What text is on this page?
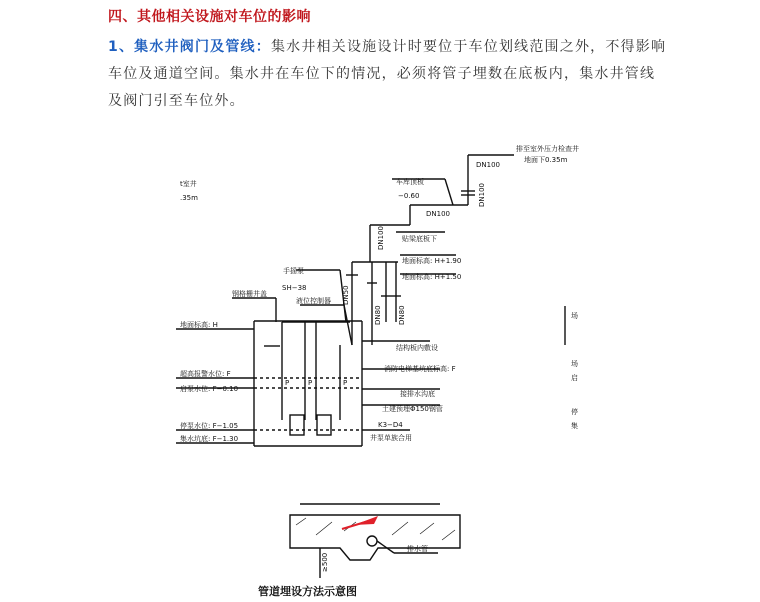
四、其他相关设施对车位的影响

1、集水井阀门及管线：集水井相关设施设计时要位于车位划线范围之外，不得影响车位及通道空间。集水井在车位下的情况，必须将管子埋数在底板内，集水井管线及阀门引至车位外。

排至室外压力检查井
地面下0.35m
t室井
.35m
DN100
DN100
车库顶板
−0.60
DN100
DN100 贴梁底板下
地面标高: H+1.90
地面标高: H+1.50
手摇泵
SH−38
钢格栅井盖
液位控制器
地面标高: H
DN50
DN80 DN80
结构板内敷设
超高报警水位: F
启泵水位: F−0.10
消防电梯基坑底标高: F
接排水沟底
土建预埋Φ150钢管
停泵水位: F−1.05
集水坑底: F−1.30
K3−D4
井泵单族合用
P	P	P
场
场
启
停
集
≥500
排水管

管道埋设方法示意图
